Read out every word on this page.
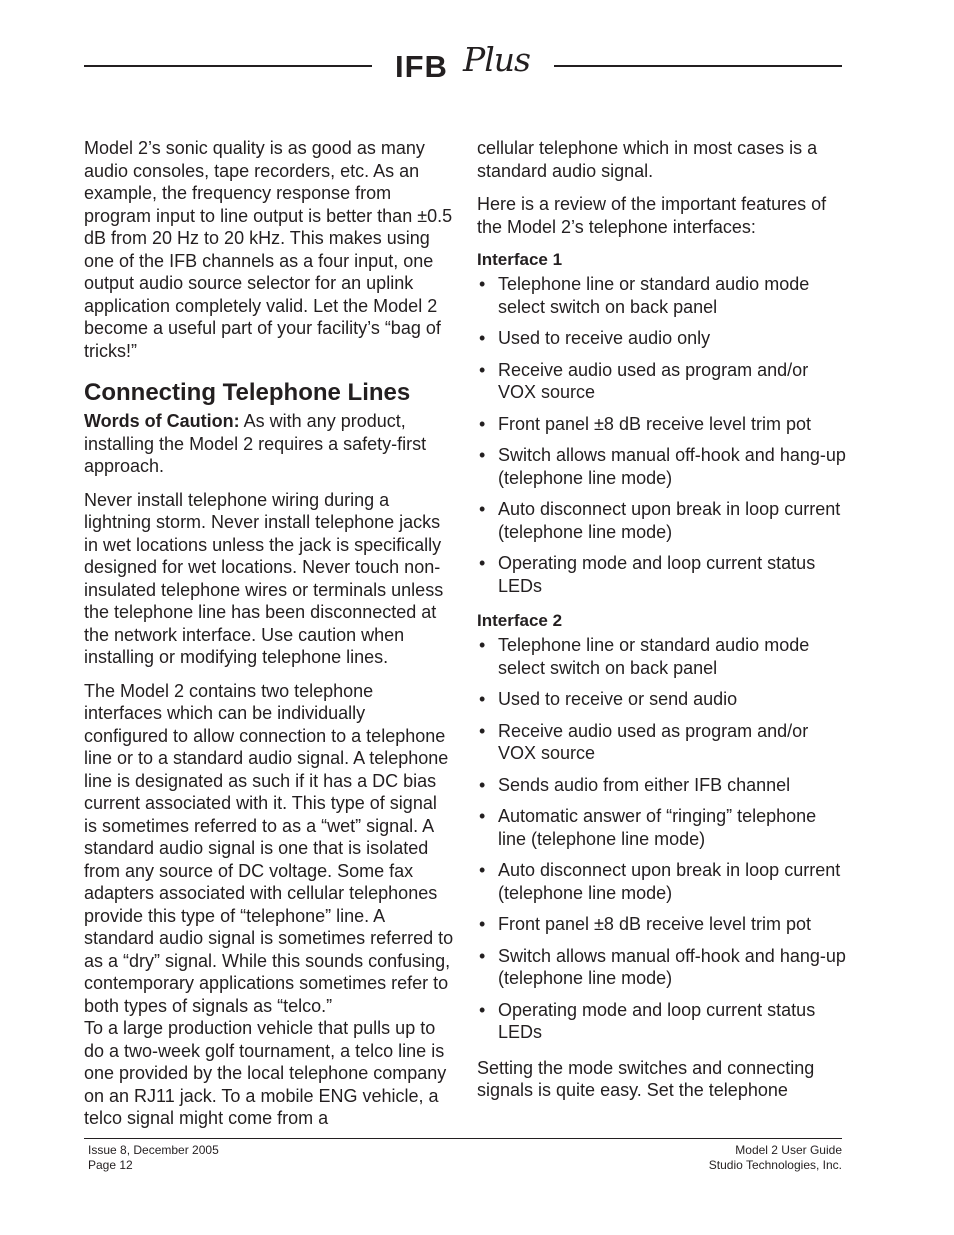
IFB Plus

Model 2’s sonic quality is as good as many audio consoles, tape recorders, etc. As an example, the frequency response from program input to line output is better than ±0.5 dB from 20 Hz to 20 kHz. This makes using one of the IFB channels as a four input, one output audio source selector for an uplink application completely valid. Let the Model 2 become a useful part of your facility’s “bag of tricks!”

Connecting Telephone Lines

Words of Caution: As with any product, installing the Model 2 requires a safety-first approach.

Never install telephone wiring during a lightning storm. Never install telephone jacks in wet locations unless the jack is specifically designed for wet locations. Never touch non-insulated telephone wires or terminals unless the telephone line has been disconnected at the network interface. Use caution when installing or modifying telephone lines.

The Model 2 contains two telephone interfaces which can be individually configured to allow connection to a telephone line or to a standard audio signal. A telephone line is designated as such if it has a DC bias current associated with it. This type of signal is sometimes referred to as a “wet” signal. A standard audio signal is one that is isolated from any source of DC voltage. Some fax adapters associated with cellular telephones provide this type of “telephone” line. A standard audio signal is sometimes referred to as a “dry” signal. While this sounds confusing, contemporary applications sometimes refer to both types of signals as “telco.”

To a large production vehicle that pulls up to do a two-week golf tournament, a telco line is one provided by the local telephone company on an RJ11 jack. To a mobile ENG vehicle, a telco signal might come from a

cellular telephone which in most cases is a standard audio signal.

Here is a review of the important features of the Model 2’s telephone interfaces:

Interface 1
• Telephone line or standard audio mode select switch on back panel
• Used to receive audio only
• Receive audio used as program and/or VOX source
• Front panel ±8 dB receive level trim pot
• Switch allows manual off-hook and hang-up (telephone line mode)
• Auto disconnect upon break in loop current (telephone line mode)
• Operating mode and loop current status LEDs
Interface 2
• Telephone line or standard audio mode select switch on back panel
• Used to receive or send audio
• Receive audio used as program and/or VOX source
• Sends audio from either IFB channel
• Automatic answer of “ringing” telephone line (telephone line mode)
• Auto disconnect upon break in loop current (telephone line mode)
• Front panel ±8 dB receive level trim pot
• Switch allows manual off-hook and hang-up (telephone line mode)
• Operating mode and loop current status LEDs

Setting the mode switches and connecting signals is quite easy. Set the telephone

Issue 8, December 2005
Page 12
Model 2 User Guide
Studio Technologies, Inc.
